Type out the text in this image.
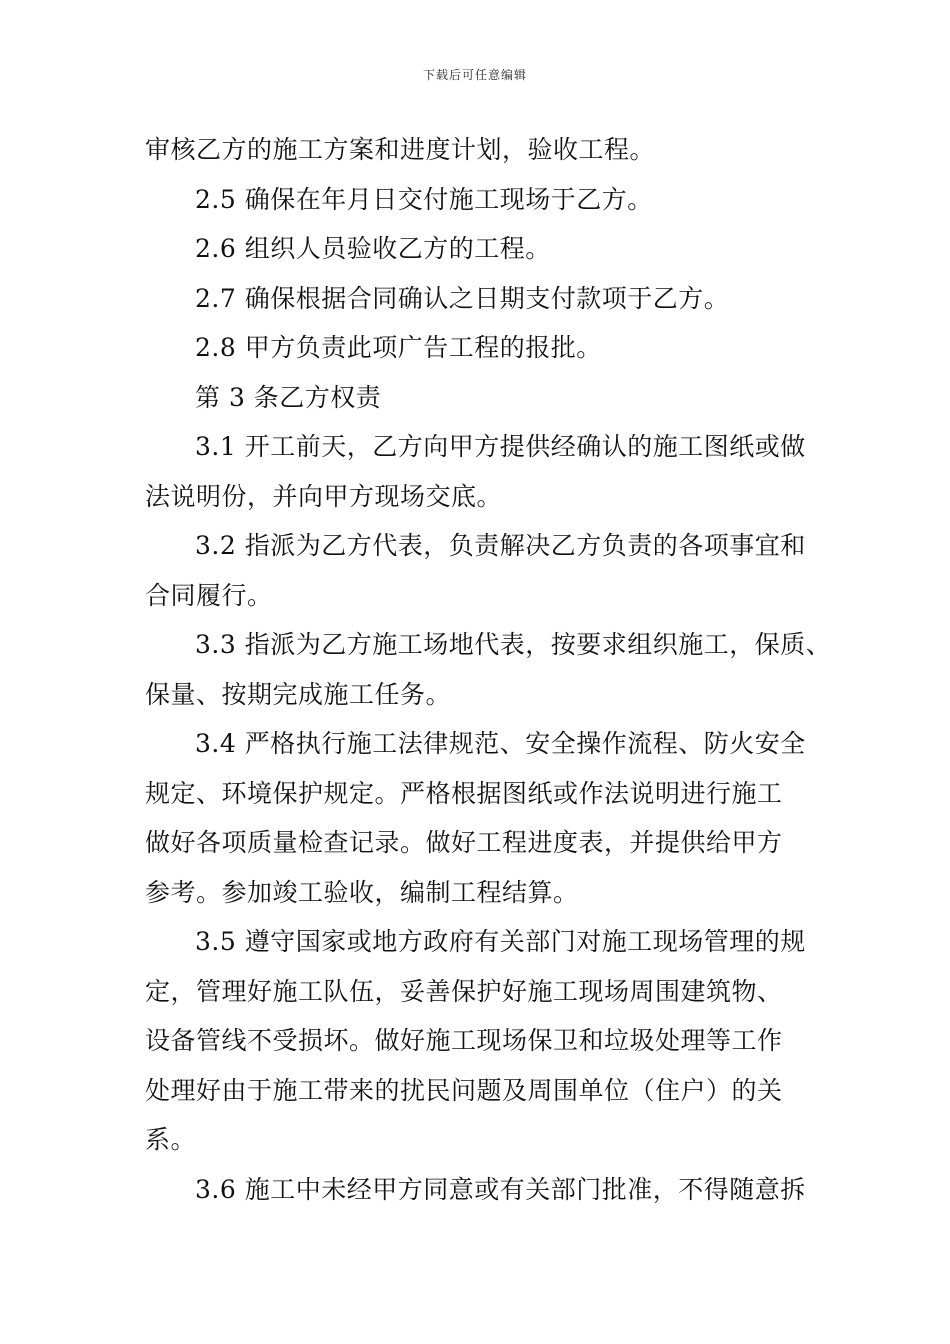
下载后可任意编辑
审核乙方的施工方案和进度计划，验收工程。
2.5 确保在年月日交付施工现场于乙方。
2.6 组织人员验收乙方的工程。
2.7 确保根据合同确认之日期支付款项于乙方。
2.8 甲方负责此项广告工程的报批。
第 3 条乙方权责
3.1 开工前天，乙方向甲方提供经确认的施工图纸或做
法说明份，并向甲方现场交底。
3.2 指派为乙方代表，负责解决乙方负责的各项事宜和
合同履行。
3.3 指派为乙方施工场地代表，按要求组织施工，保质、
保量、按期完成施工任务。
3.4 严格执行施工法律规范、安全操作流程、防火安全
规定、环境保护规定。严格根据图纸或作法说明进行施工
做好各项质量检查记录。做好工程进度表，并提供给甲方
参考。参加竣工验收，编制工程结算。
3.5 遵守国家或地方政府有关部门对施工现场管理的规
定，管理好施工队伍，妥善保护好施工现场周围建筑物、
设备管线不受损坏。做好施工现场保卫和垃圾处理等工作
处理好由于施工带来的扰民问题及周围单位（住户）的关
系。
3.6 施工中未经甲方同意或有关部门批准，不得随意拆
